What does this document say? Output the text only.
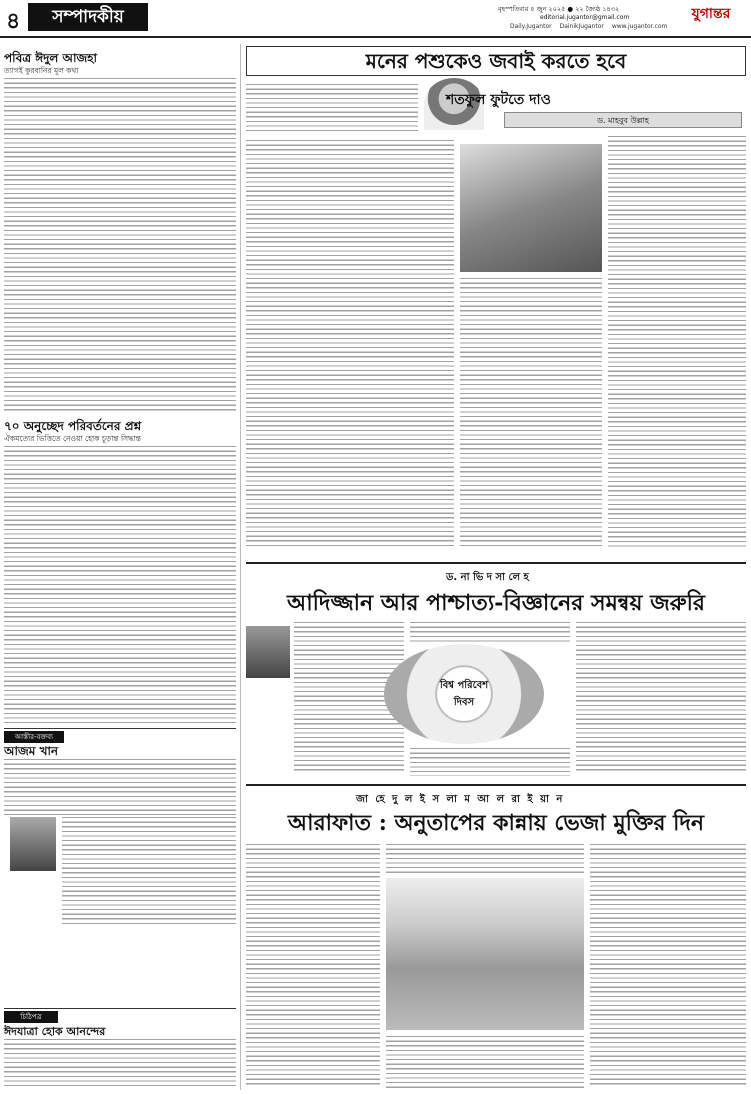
৪	সম্পাদকীয়	বৃহস্পতিবার ৫ জুন ২০২৫ ● ২২ জ্যৈষ্ঠ ১৪৩২
editorial.jugantor@gmail.com
Daily.Jugantor DainikJugantor www.jugantor.com
যুগান্তর
পবিত্র ঈদুল আজহা
ত্যাগই কুরবানির মূল কথা
৭০ অনুচ্ছেদ পরিবর্তনের প্রশ্ন
ঐকমত্যের ভিত্তিতে নেওয়া হোক চূড়ান্ত সিদ্ধান্ত
আস্তীর-বক্তব্য
আজম খান
চিঠিপত্র
ঈদযাত্রা হোক আনন্দের
মনের পশুকেও জবাই করতে হবে
শতফুল ফুটতে দাও
ড. মাহবুব উল্লাহ
ড. না ভি দ সা লে হ
আদিজ্জান আর পাশ্চাত্য-বিজ্ঞানের সমন্বয় জরুরি
বিশ্ব পরিবেশ দিবস
জা হে দু ল ই স লা ম আ ল রা ই য়া ন
আরাফাত : অনুতাপের কান্নায় ভেজা মুক্তির দিন
